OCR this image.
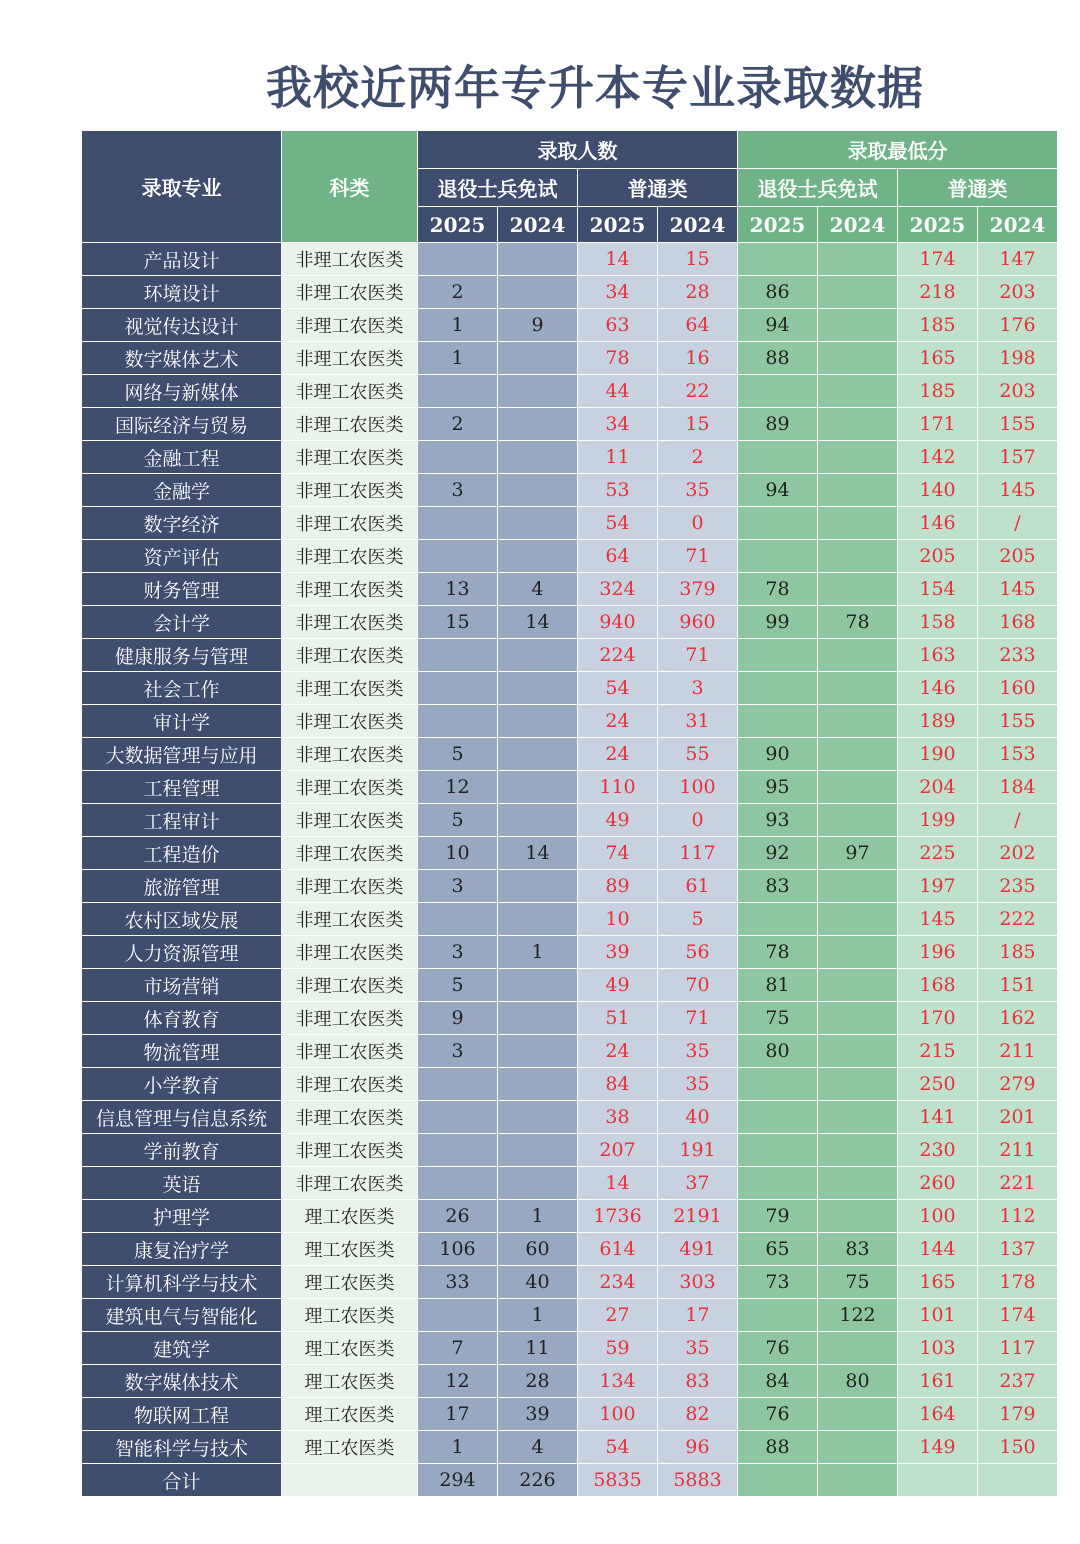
我校近两年专升本专业录取数据
录取专业	科类	录取人数				录取最低分			
		退役士兵免试		普通类		退役士兵免试		普通类	
		2025	2024	2025	2024	2025	2024	2025	2024
产品设计	非理工农医类			14	15			174	147
环境设计	非理工农医类	2		34	28	86		218	203
视觉传达设计	非理工农医类	1	9	63	64	94		185	176
数字媒体艺术	非理工农医类	1		78	16	88		165	198
网络与新媒体	非理工农医类			44	22			185	203
国际经济与贸易	非理工农医类	2		34	15	89		171	155
金融工程	非理工农医类			11	2			142	157
金融学	非理工农医类	3		53	35	94		140	145
数字经济	非理工农医类			54	0			146	/
资产评估	非理工农医类			64	71			205	205
财务管理	非理工农医类	13	4	324	379	78		154	145
会计学	非理工农医类	15	14	940	960	99	78	158	168
健康服务与管理	非理工农医类			224	71			163	233
社会工作	非理工农医类			54	3			146	160
审计学	非理工农医类			24	31			189	155
大数据管理与应用	非理工农医类	5		24	55	90		190	153
工程管理	非理工农医类	12		110	100	95		204	184
工程审计	非理工农医类	5		49	0	93		199	/
工程造价	非理工农医类	10	14	74	117	92	97	225	202
旅游管理	非理工农医类	3		89	61	83		197	235
农村区域发展	非理工农医类			10	5			145	222
人力资源管理	非理工农医类	3	1	39	56	78		196	185
市场营销	非理工农医类	5		49	70	81		168	151
体育教育	非理工农医类	9		51	71	75		170	162
物流管理	非理工农医类	3		24	35	80		215	211
小学教育	非理工农医类			84	35			250	279
信息管理与信息系统	非理工农医类			38	40			141	201
学前教育	非理工农医类			207	191			230	211
英语	非理工农医类			14	37			260	221
护理学	理工农医类	26	1	1736	2191	79		100	112
康复治疗学	理工农医类	106	60	614	491	65	83	144	137
计算机科学与技术	理工农医类	33	40	234	303	73	75	165	178
建筑电气与智能化	理工农医类		1	27	17		122	101	174
建筑学	理工农医类	7	11	59	35	76		103	117
数字媒体技术	理工农医类	12	28	134	83	84	80	161	237
物联网工程	理工农医类	17	39	100	82	76		164	179
智能科学与技术	理工农医类	1	4	54	96	88		149	150
合计		294	226	5835	5883				
